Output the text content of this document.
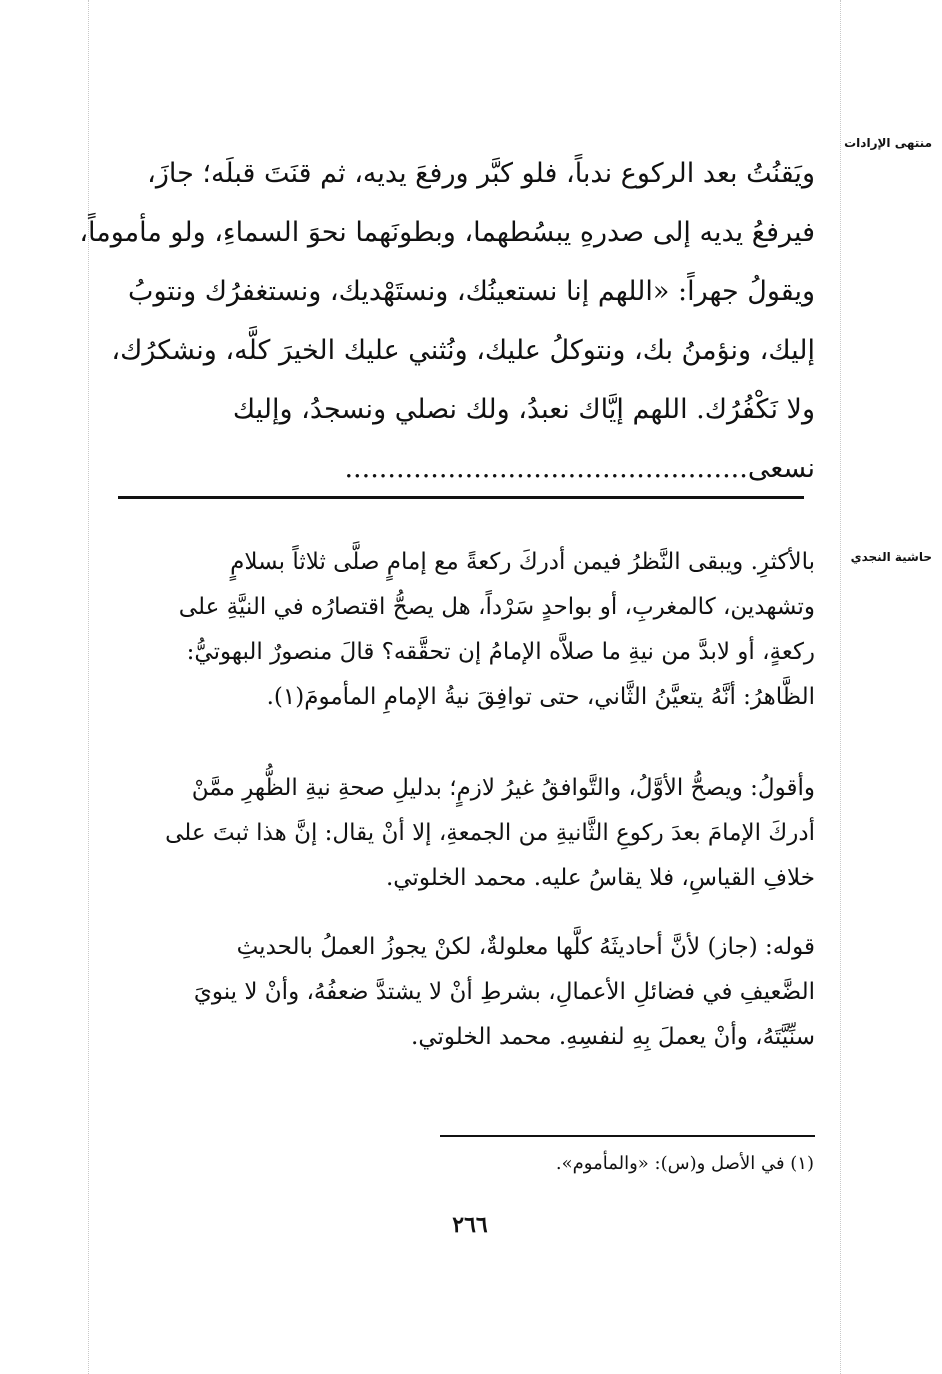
منتهى الإرادات
حاشية النجدي
ويَقنُتُ بعد الركوع ندباً، فلو كبَّر ورفعَ يديه، ثم قنَتَ قبلَه؛ جازَ،
فيرفعُ يديه إلى صدرهِ يبسُطهما، وبطونَهما نحوَ السماءِ، ولو مأموماً،
ويقولُ جهراً: «اللهم إنا نستعينُك، ونستَهْديك، ونستغفرُك ونتوبُ
إليك، ونؤمنُ بك، ونتوكلُ عليك، ونُثني عليك الخيرَ كلَّه، ونشكرُك،
ولا نَكْفُرُك. اللهم إيَّاك نعبدُ، ولك نصلي ونسجدُ، وإليك
نسعى...............................................
بالأكثرِ. ويبقى النَّظرُ فيمن أدركَ ركعةً مع إمامٍ صلَّى ثلاثاً بسلامٍ
وتشهدين، كالمغربِ، أو بواحدٍ سَرْداً، هل يصحُّ اقتصارُه في النيَّةِ على
ركعةٍ، أو لابدَّ من نيةِ ما صلاَّه الإمامُ إن تحقَّقه؟ قالَ منصورٌ البهوتيُّ:
الظَّاهرُ: أنَّهُ يتعيَّنُ الثَّاني، حتى توافِقَ نيةُ الإمامِ المأمومَ(١).
وأقولُ: ويصحُّ الأوَّلُ، والتَّوافقُ غيرُ لازمٍ؛ بدليلِ صحةِ نيةِ الظُّهرِ ممَّنْ
أدركَ الإمامَ بعدَ ركوعِ الثَّانيةِ من الجمعةِ، إلا أنْ يقال: إنَّ هذا ثبتَ على
خلافِ القياسِ، فلا يقاسُ عليه. محمد الخلوتي.
قوله: (جاز) لأنَّ أحاديثَهُ كلَّها معلولةٌ، لكنْ يجوزُ العملُ بالحديثِ
الضَّعيفِ في فضائلِ الأعمالِ، بشرطِ أنْ لا يشتدَّ ضعفُهُ، وأنْ لا ينويَ
سنِّيَّتَهُ، وأنْ يعملَ بِهِ لنفسِهِ. محمد الخلوتي.
(١) في الأصل و(س): «والمأموم».
٢٦٦
